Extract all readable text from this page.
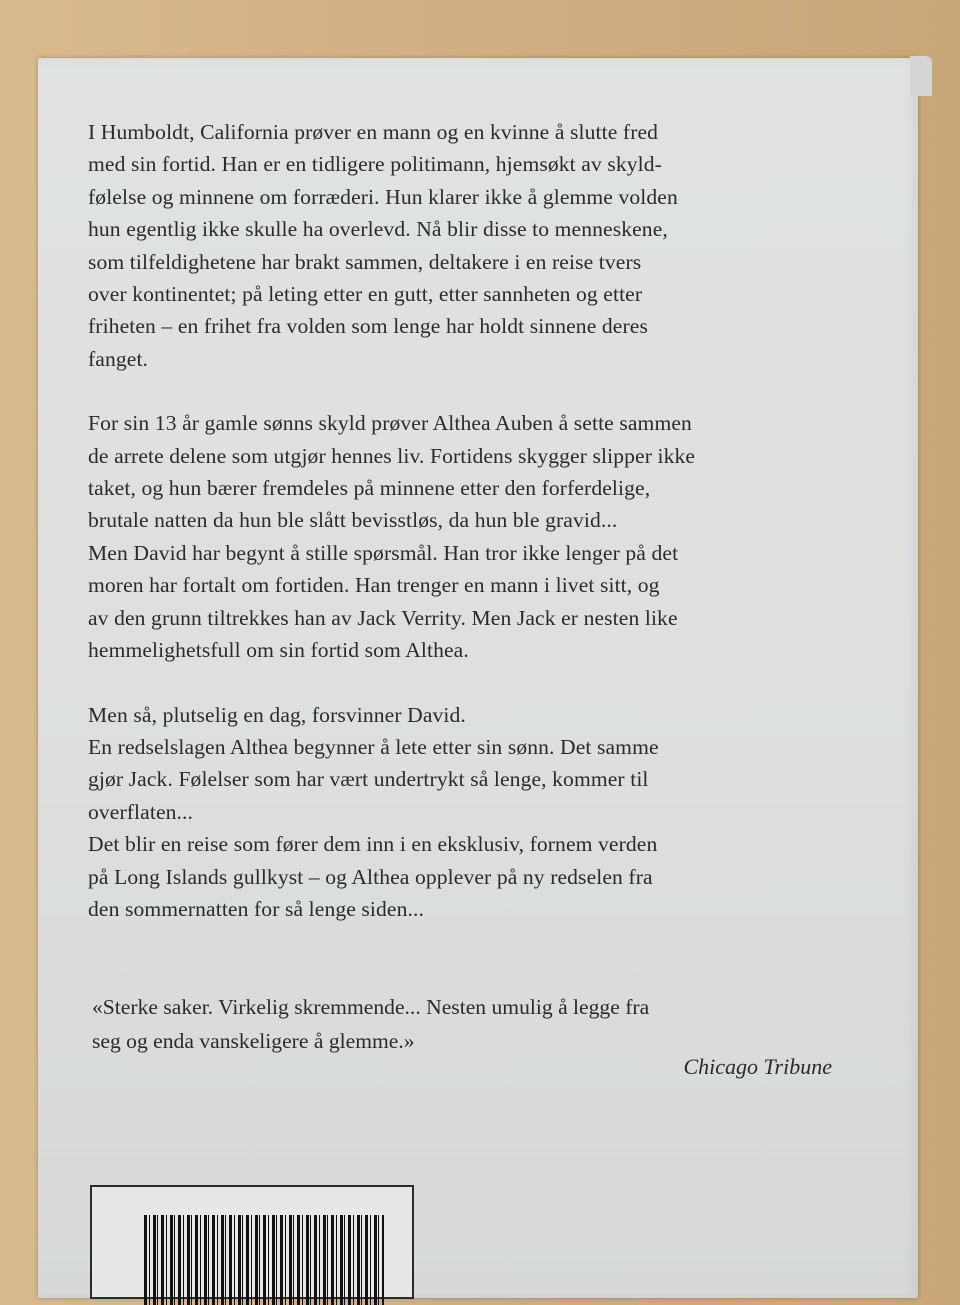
I Humboldt, California prøver en mann og en kvinne å slutte fred
med sin fortid. Han er en tidligere politimann, hjemsøkt av skyld-
følelse og minnene om forræderi. Hun klarer ikke å glemme volden
hun egentlig ikke skulle ha overlevd. Nå blir disse to menneskene,
som tilfeldighetene har brakt sammen, deltakere i en reise tvers
over kontinentet; på leting etter en gutt, etter sannheten og etter
friheten – en frihet fra volden som lenge har holdt sinnene deres
fanget.

For sin 13 år gamle sønns skyld prøver Althea Auben å sette sammen
de arrete delene som utgjør hennes liv. Fortidens skygger slipper ikke
taket, og hun bærer fremdeles på minnene etter den forferdelige,
brutale natten da hun ble slått bevisstløs, da hun ble gravid...
Men David har begynt å stille spørsmål. Han tror ikke lenger på det
moren har fortalt om fortiden. Han trenger en mann i livet sitt, og
av den grunn tiltrekkes han av Jack Verrity. Men Jack er nesten like
hemmelighetsfull om sin fortid som Althea.

Men så, plutselig en dag, forsvinner David.
En redselslagen Althea begynner å lete etter sin sønn. Det samme
gjør Jack. Følelser som har vært undertrykt så lenge, kommer til
overflaten...
Det blir en reise som fører dem inn i en eksklusiv, fornem verden
på Long Islands gullkyst – og Althea opplever på ny redselen fra
den sommernatten for så lenge siden...

«Sterke saker. Virkelig skremmende... Nesten umulig å legge fra
seg og enda vanskeligere å glemme.»
Chicago Tribune
